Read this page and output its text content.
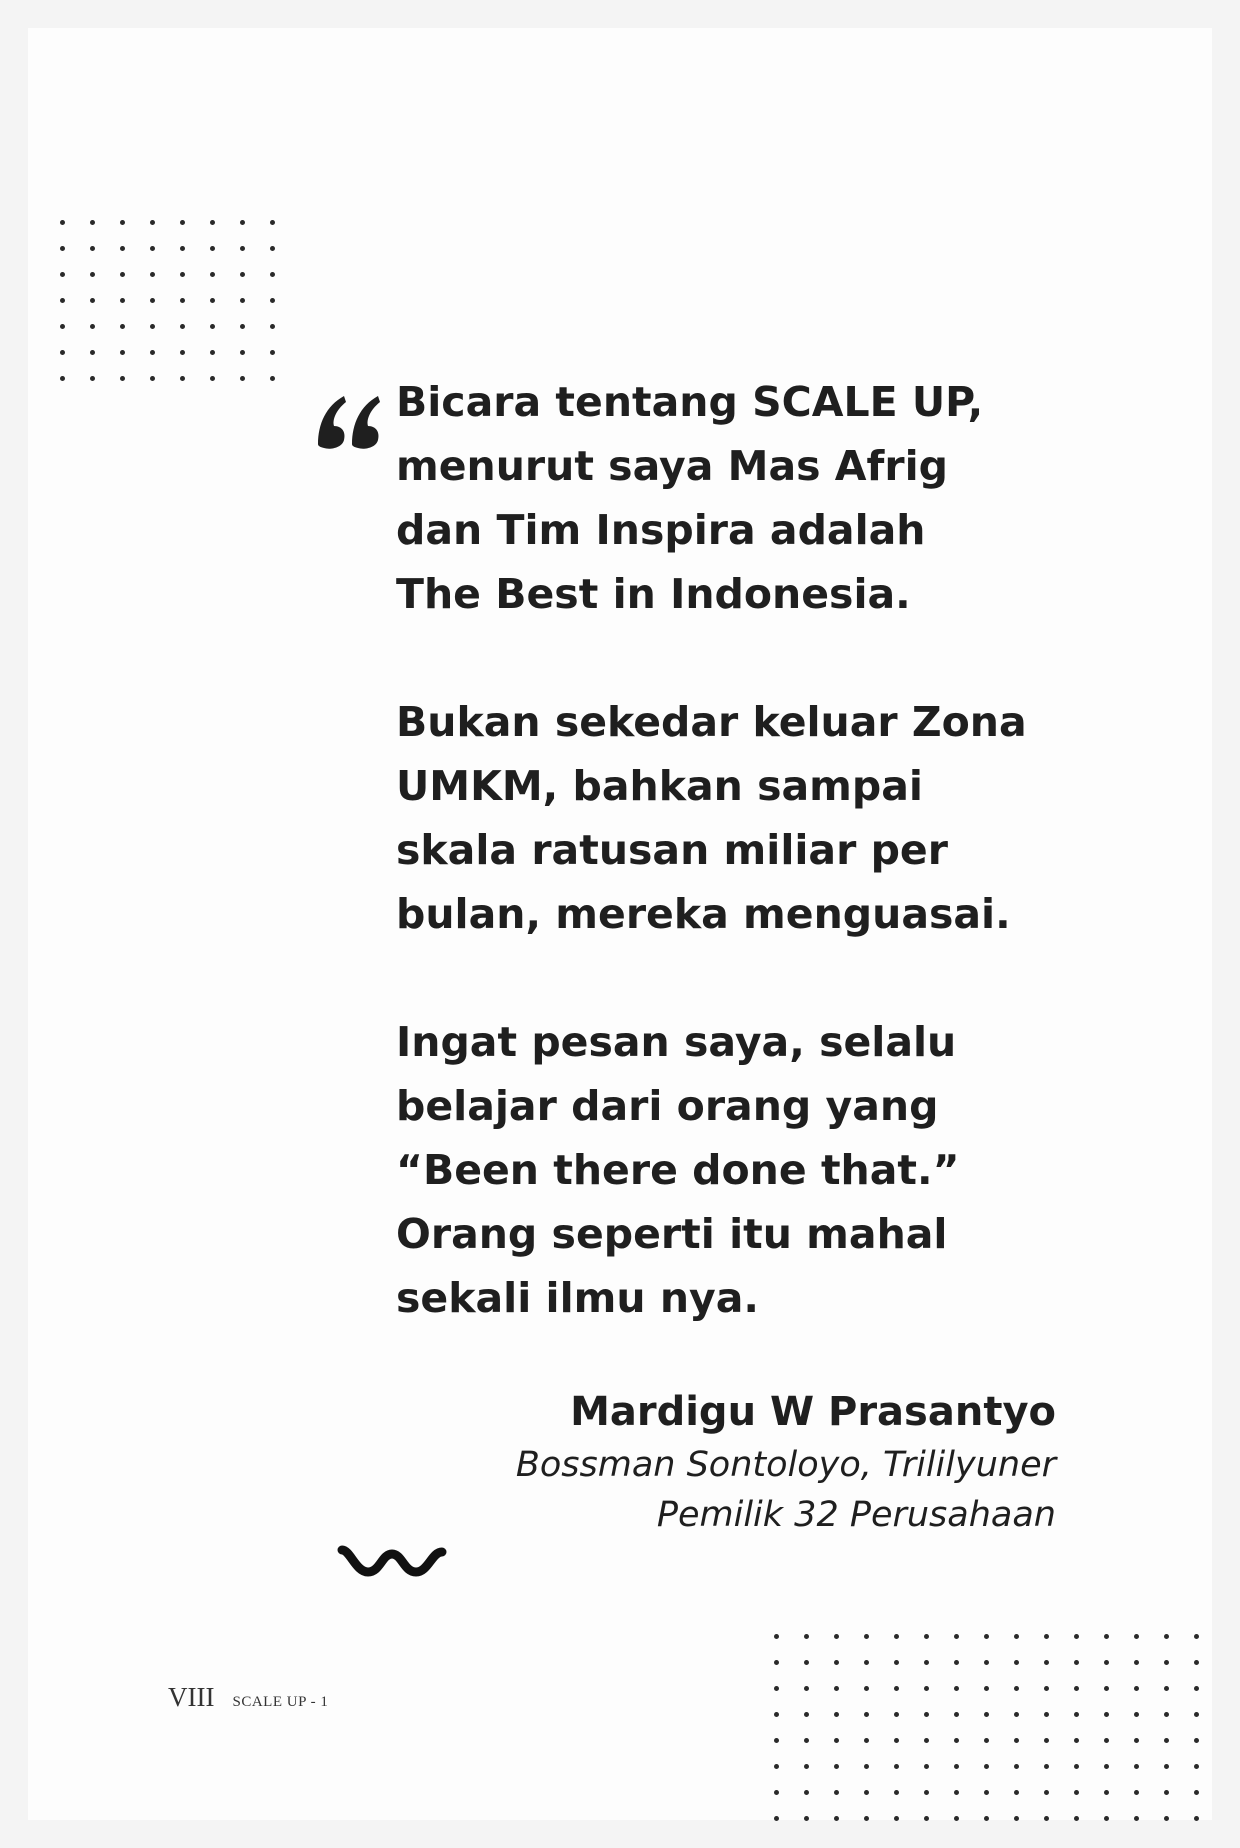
Bicara tentang SCALE UP,
menurut saya Mas Afrig
dan Tim Inspira adalah
The Best in Indonesia.

Bukan sekedar keluar Zona
UMKM, bahkan sampai
skala ratusan miliar per
bulan, mereka menguasai.

Ingat pesan saya, selalu
belajar dari orang yang
“Been there done that.”
Orang seperti itu mahal
sekali ilmu nya.

Mardigu W Prasantyo

Bossman Sontoloyo, Trililyuner
Pemilik 32 Perusahaan

VIII SCALE UP - 1
